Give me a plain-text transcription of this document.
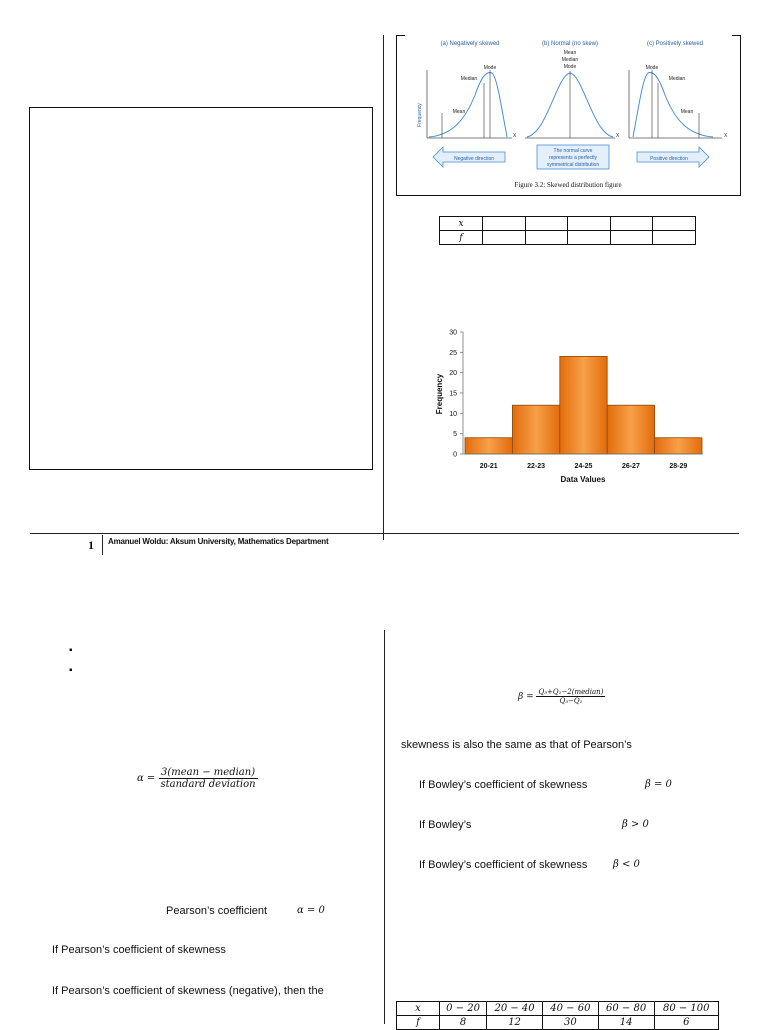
(a) Negatively skewed	(b) Normal (no skew)	(c) Positively skewed
Frequency
Mode
Median
Mean
X
Mean
Median
Mode
X
Mode
Median
Mean
X
Negative direction
The normal curve
represents a perfectly
symmetrical distribution
Positive direction
Figure 3.2: Skewed distribution figure
x					
f					
0
5
10
15
20
25
30
20-21	22-23	24-25	26-27	28-29
Frequency
Data Values
1 Amanuel Woldu: Aksum University, Mathematics Department
▪
▪
$\alpha = \frac{\text{3(mean − median)}}{\text{standard deviation}}$
Pearson’s coefficient	α = 0
If Pearson’s coefficient of skewness
If Pearson’s coefficient of skewness (negative), then the
$\beta = \frac{\text{Q₃+Q₁−2(median)}}{\text{Q₃−Q₁}}$
skewness is also the same as that of Pearson’s
If Bowley’s coefficient of skewness	β = 0
If Bowley’s	β > 0
If Bowley’s coefficient of skewness	β < 0
x	0 − 20	20 − 40	40 − 60	60 − 80	80 − 100
f	8	12	30	14	6
